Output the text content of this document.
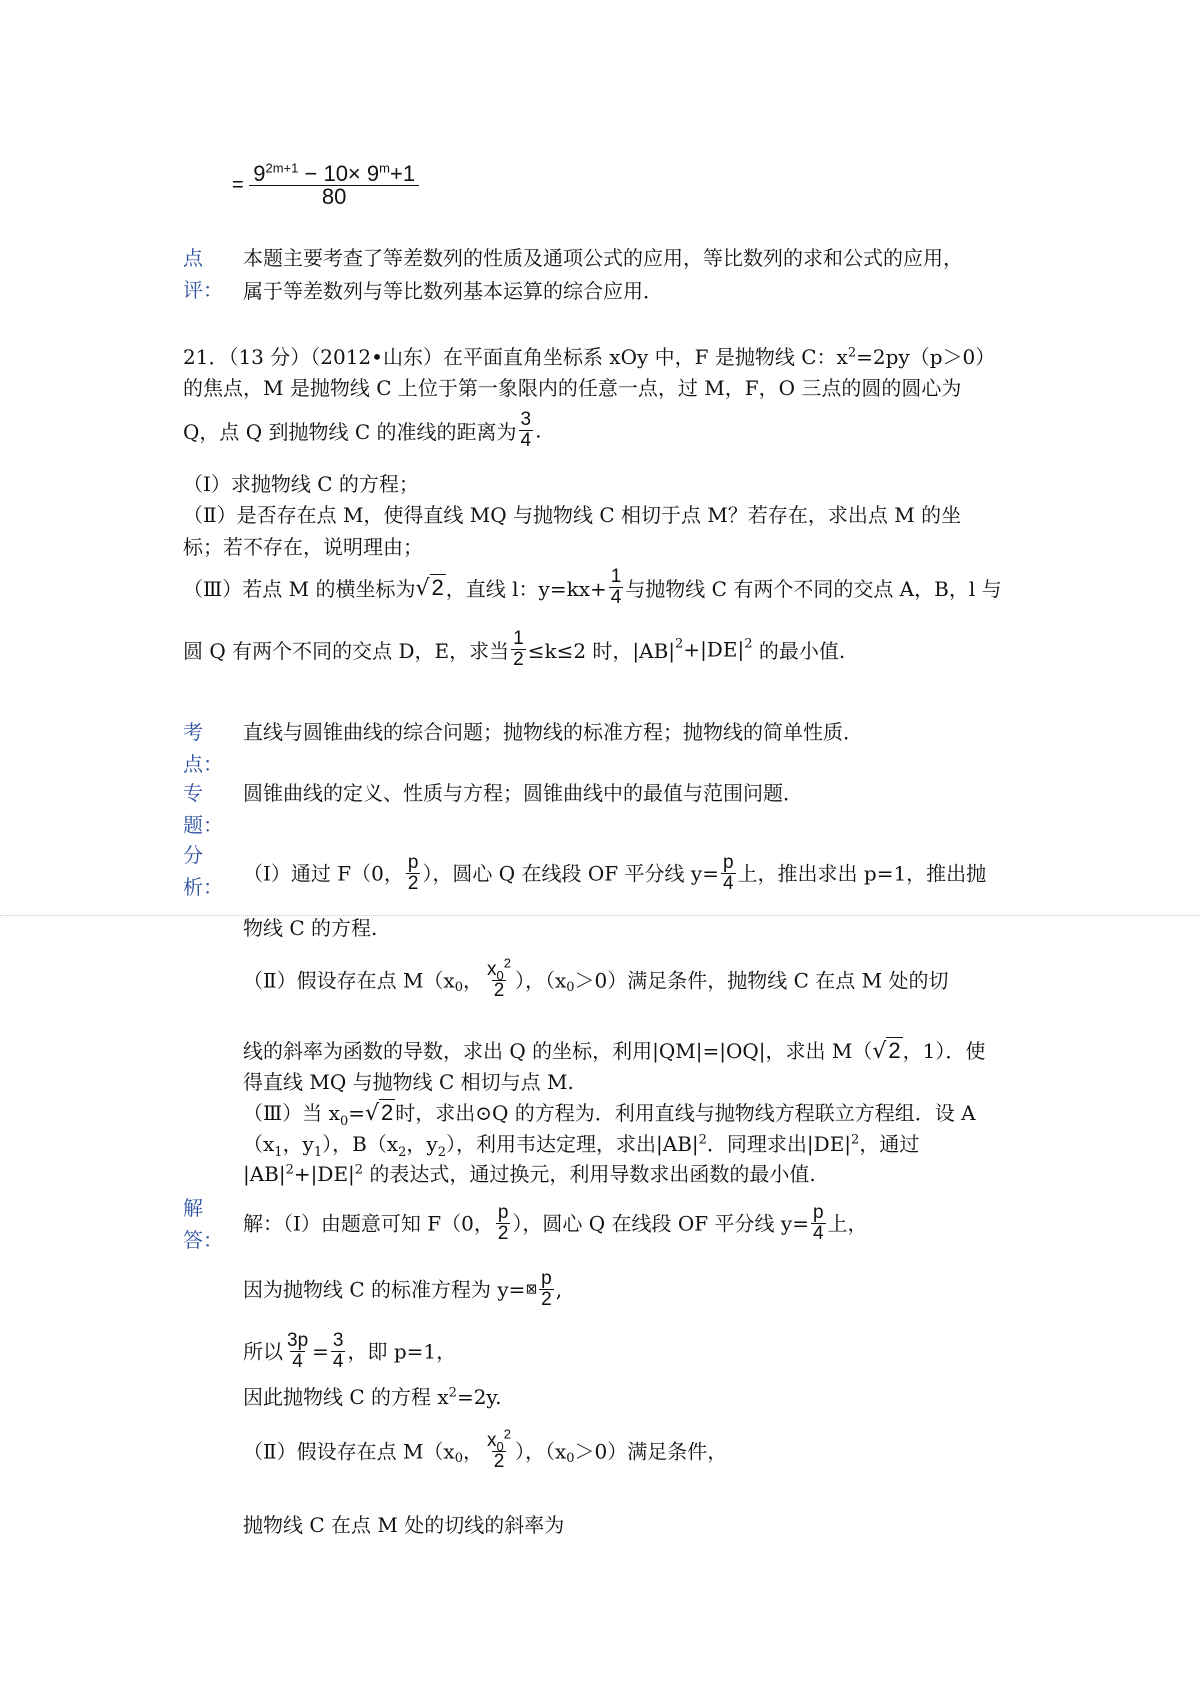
= $\frac{9^{2m+1} - 10\times 9^m+1}{80}$
点
评：
本题主要考查了等差数列的性质及通项公式的应用，等比数列的求和公式的应用，
属于等差数列与等比数列基本运算的综合应用．
21．（13 分）（2012•山东）在平面直角坐标系 xOy 中，F 是抛物线 C：$x^2=2py(p>0)$
的焦点，M 是抛物线 C 上位于第一象限内的任意一点，过 M，F，O 三点的圆的圆心为
Q，点 Q 到抛物线 C 的准线的距离为 $\frac{3}{4}$ .
（Ⅰ）求抛物线 C 的方程；
（Ⅱ）是否存在点 M，使得直线 MQ 与抛物线 C 相切于点 M？若存在，求出点 M 的坐
标；若不存在，说明理由；
（Ⅲ）若点 M 的横坐标为√2 ，直线 l：$y=kx+ \frac{1}{4}$ 与抛物线 C 有两个不同的交点 A，B，l 与
圆 Q 有两个不同的交点 D，E，求当 $\frac{1}{2} \le k\le 2$ 时，$|AB|^2+|DE|^2$ 的最小值.
考
点：
直线与圆锥曲线的综合问题；抛物线的标准方程；抛物线的简单性质．
专
题：
圆锥曲线的定义、性质与方程；圆锥曲线中的最值与范围问题．
分
析：
（Ⅰ）通过 F（0， $\frac{p}{2}$ ），圆心 Q 在线段 OF 平分线 $y= \frac{p}{4}$ 上，推出求出 p=1，推出抛
物线 C 的方程.
（Ⅱ）假设存在点 $M(x_0$， $\frac{x_0^2}{2}$ ），$(x_0>0)$满足条件，抛物线 C 在点 M 处的切
线的斜率为函数的导数，求出 Q 的坐标，利用|QM|=|OQ|，求出 M（√2 ，1）．使
得直线 MQ 与抛物线 C 相切与点 M.
（Ⅲ）当 $x_0=√2$ 时，求出⊙Q 的方程为．利用直线与抛物线方程联立方程组．设 A
（$x_1$，$y_1$），$B(x_2$，$y_2$），利用韦达定理，求出$|AB|^2$．同理求出$|DE|^2$，通过
$|AB|^2+|DE|^2$ 的表达式，通过换元，利用导数求出函数的最小值.
解
答：
解：（Ⅰ）由题意可知 F（0， $\frac{p}{2}$ ），圆心 Q 在线段 OF 平分线 $y= \frac{p}{4}$ 上，
因为抛物线 C 的标准方程为 y=⊠ $\frac{p}{2}$ ,
所以 $\frac{3p}{4} = \frac{3}{4}$ ，即 p=1，
因此抛物线 C 的方程 $x^2=2y$.
（Ⅱ）假设存在点 $M(x_0$， $\frac{x_0^2}{2}$ ），$(x_0>0)$满足条件，
抛物线 C 在点 M 处的切线的斜率为
